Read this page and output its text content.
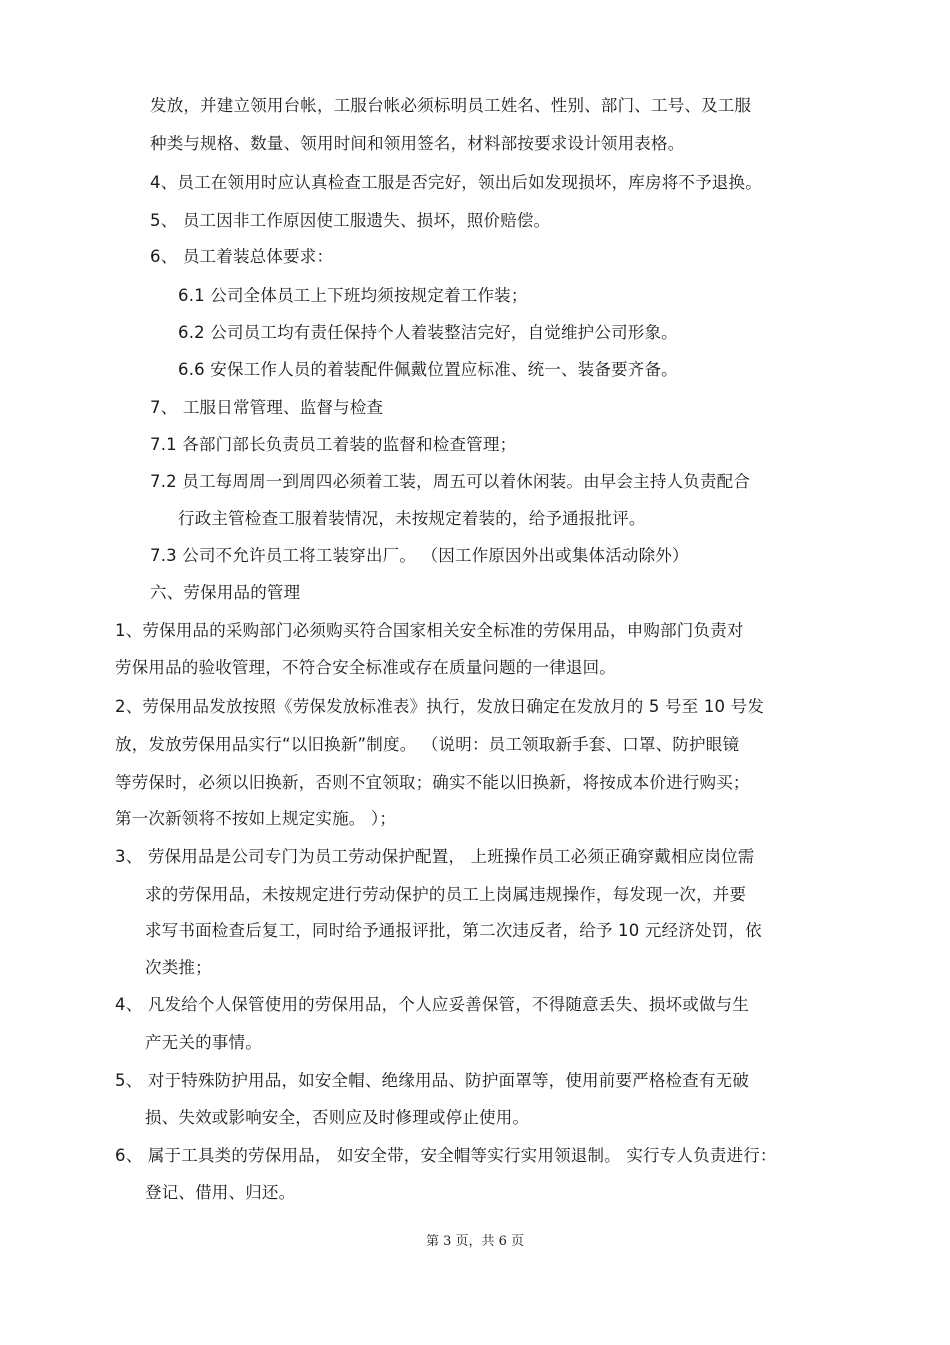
发放，并建立领用台帐，工服台帐必须标明员工姓名、性别、部门、工号、及工服
种类与规格、数量、领用时间和领用签名，材料部按要求设计领用表格。
4、员工在领用时应认真检查工服是否完好，领出后如发现损坏，库房将不予退换。
5、 员工因非工作原因使工服遗失、损坏，照价赔偿。
6、 员工着装总体要求：
6.1 公司全体员工上下班均须按规定着工作装；
6.2 公司员工均有责任保持个人着装整洁完好，自觉维护公司形象。
6.6 安保工作人员的着装配件佩戴位置应标准、统一、装备要齐备。
7、 工服日常管理、监督与检查
7.1 各部门部长负责员工着装的监督和检查管理；
7.2 员工每周周一到周四必须着工装，周五可以着休闲装。由早会主持人负责配合
行政主管检查工服着装情况，未按规定着装的，给予通报批评。
7.3 公司不允许员工将工装穿出厂。 （因工作原因外出或集体活动除外）
六、劳保用品的管理
1、劳保用品的采购部门必须购买符合国家相关安全标准的劳保用品，申购部门负责对
劳保用品的验收管理，不符合安全标准或存在质量问题的一律退回。
2、劳保用品发放按照《劳保发放标准表》执行，发放日确定在发放月的 5 号至 10 号发
放，发放劳保用品实行“以旧换新”制度。 （说明：员工领取新手套、口罩、防护眼镜
等劳保时，必须以旧换新，否则不宜领取；确实不能以旧换新，将按成本价进行购买；
第一次新领将不按如上规定实施。 ）；
3、 劳保用品是公司专门为员工劳动保护配置， 上班操作员工必须正确穿戴相应岗位需
求的劳保用品，未按规定进行劳动保护的员工上岗属违规操作，每发现一次，并要
求写书面检查后复工，同时给予通报评批，第二次违反者，给予 10 元经济处罚，依
次类推；
4、 凡发给个人保管使用的劳保用品，个人应妥善保管，不得随意丢失、损坏或做与生
产无关的事情。
5、 对于特殊防护用品，如安全帽、绝缘用品、防护面罩等，使用前要严格检查有无破
损、失效或影响安全，否则应及时修理或停止使用。
6、 属于工具类的劳保用品， 如安全带，安全帽等实行实用领退制。 实行专人负责进行：
登记、借用、归还。
第 3 页，共 6 页
